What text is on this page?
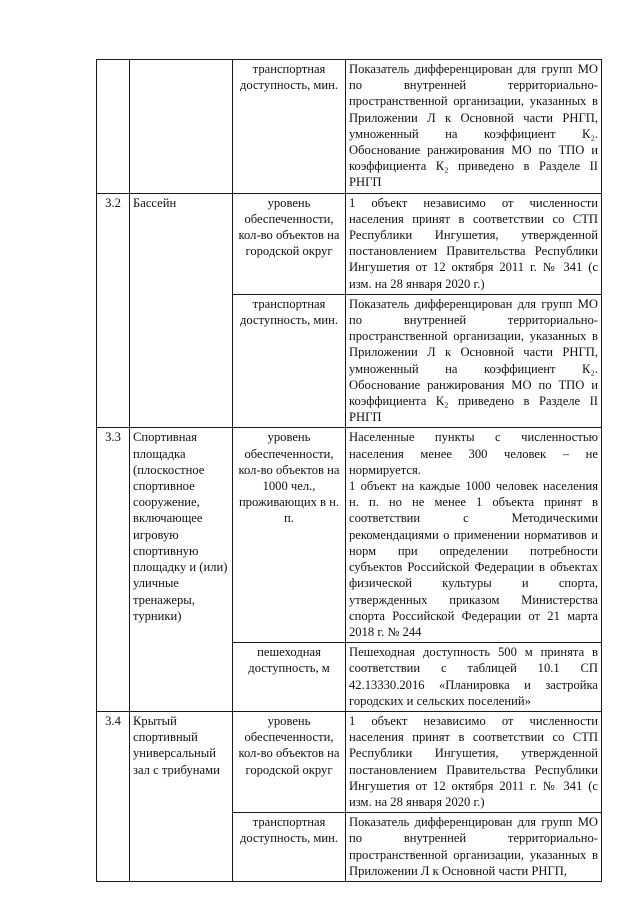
		транспортная доступность, мин.	Показатель дифференцирован для групп МО по внутренней территориально-пространственной организации, указанных в Приложении Л к Основной части РНГП, умноженный на коэффициент К₂. Обоснование ранжирования МО по ТПО и коэффициента К₂ приведено в Разделе II РНГП
3.2	Бассейн	уровень обеспеченности, кол-во объектов на городской округ	1 объект независимо от численности населения принят в соответствии со СТП Республики Ингушетия, утвержденной постановлением Правительства Республики Ингушетия от 12 октября 2011 г. № 341 (с изм. на 28 января 2020 г.)
		транспортная доступность, мин.	Показатель дифференцирован для групп МО по внутренней территориально-пространственной организации, указанных в Приложении Л к Основной части РНГП, умноженный на коэффициент К₂. Обоснование ранжирования МО по ТПО и коэффициента К₂ приведено в Разделе II РНГП
3.3	Спортивная площадка (плоскостное спортивное сооружение, включающее игровую спортивную площадку и (или) уличные тренажеры, турники)	уровень обеспеченности, кол-во объектов на 1000 чел., проживающих в н. п.	Населенные пункты с численностью населения менее 300 человек – не нормируется.
1 объект на каждые 1000 человек населения н. п. но не менее 1 объекта принят в соответствии с Методическими рекомендациями о применении нормативов и норм при определении потребности субъектов Российской Федерации в объектах физической культуры и спорта, утвержденных приказом Министерства спорта Российской Федерации от 21 марта 2018 г. № 244

		пешеходная доступность, м	Пешеходная доступность 500 м принята в соответствии с таблицей 10.1 СП 42.13330.2016 «Планировка и застройка городских и сельских поселений»
3.4	Крытый спортивный универсальный зал с трибунами	уровень обеспеченности, кол-во объектов на городской округ	1 объект независимо от численности населения принят в соответствии со СТП Республики Ингушетия, утвержденной постановлением Правительства Республики Ингушетия от 12 октября 2011 г. № 341 (с изм. на 28 января 2020 г.)
		транспортная доступность, мин.	Показатель дифференцирован для групп МО по внутренней территориально-пространственной организации, указанных в Приложении Л к Основной части РНГП,
